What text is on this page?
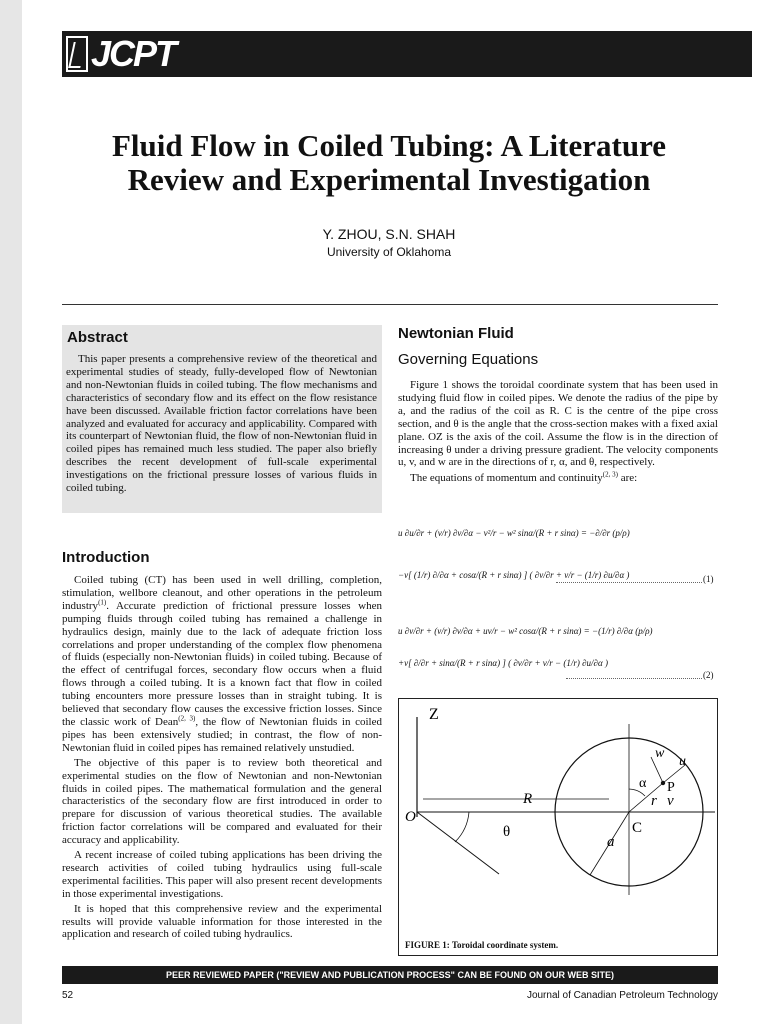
JCPT
Fluid Flow in Coiled Tubing: A Literature
Review and Experimental Investigation
Y. ZHOU, S.N. SHAH
University of Oklahoma
Abstract

This paper presents a comprehensive review of the theoretical and experimental studies of steady, fully-developed flow of Newtonian and non-Newtonian fluids in coiled tubing. The flow mechanisms and characteristics of secondary flow and its effect on the flow resistance have been discussed. Available friction factor correlations have been analyzed and evaluated for accuracy and applicability. Compared with its counterpart of Newtonian fluid, the flow of non-Newtonian fluid in coiled pipes has remained much less studied. The paper also briefly describes the recent development of full-scale experimental investigations on the frictional pressure losses of various fluids in coiled tubing.

Introduction

Coiled tubing (CT) has been used in well drilling, completion, stimulation, wellbore cleanout, and other operations in the petroleum industry$^{(1)}$. Accurate prediction of frictional pressure losses when pumping fluids through coiled tubing has remained a challenge in hydraulics design, mainly due to the lack of adequate friction loss correlations and proper understanding of the complex flow phenomena of fluids (especially non-Newtonian fluids) in coiled tubing. Because of the effect of centrifugal forces, secondary flow occurs when a fluid flows through a coiled tubing. It is a known fact that flow in coiled tubing encounters more pressure losses than in straight tubing. It is believed that secondary flow causes the excessive friction losses. Since the classic work of Dean$^{(2, 3)}$, the flow of Newtonian fluids in coiled pipes has been extensively studied; in contrast, the flow of non-Newtonian fluid in coiled pipes has remained relatively unstudied.

The objective of this paper is to review both theoretical and experimental studies on the flow of Newtonian and non-Newtonian fluids in coiled pipes. The mathematical formulation and the general characteristics of the secondary flow are first introduced in order to prepare for discussion of various theoretical studies. The available friction factor correlations will be compared and evaluated for their accuracy and applicability.

A recent increase of coiled tubing applications has been driving the research activities of coiled tubing hydraulics using full-scale experimental facilities. This paper will also present recent developments in those experimental investigations.

It is hoped that this comprehensive review and the experimental results will provide valuable information for those interested in the application and research of coiled tubing hydraulics.

Newtonian Fluid
Governing Equations

Figure 1 shows the toroidal coordinate system that has been used in studying fluid flow in coiled pipes. We denote the radius of the pipe by a, and the radius of the coil as R. C is the centre of the pipe cross section, and θ is the angle that the cross-section makes with a fixed axial plane. OZ is the axis of the coil. Assume the flow is in the direction of increasing θ under a driving pressure gradient. The velocity components u, v, and w are in the directions of r, α, and θ, respectively.

The equations of momentum and continuity$^{(2, 3)}$ are:

u ∂u/∂r + (v/r) ∂v/∂α − v²/r − w² sinα/(R + r sinα) = −∂/∂r (p/ρ)
−ν[ (1/r) ∂/∂α + cosα/(R + r sinα) ] ( ∂v/∂r + v/r − (1/r) ∂u/∂α )	(1)
u ∂v/∂r + (v/r) ∂v/∂α + uv/r − w² cosα/(R + r sinα) = −(1/r) ∂/∂α (p/ρ)
+ν[ ∂/∂r + sinα/(R + r sinα) ] ( ∂v/∂r + v/r − (1/r) ∂u/∂α )
(2)
Z
O
R
θ	C
a
w
u
α P
r v
FIGURE 1: Toroidal coordinate system.
PEER REVIEWED PAPER ("REVIEW AND PUBLICATION PROCESS" CAN BE FOUND ON OUR WEB SITE)
52	Journal of Canadian Petroleum Technology
